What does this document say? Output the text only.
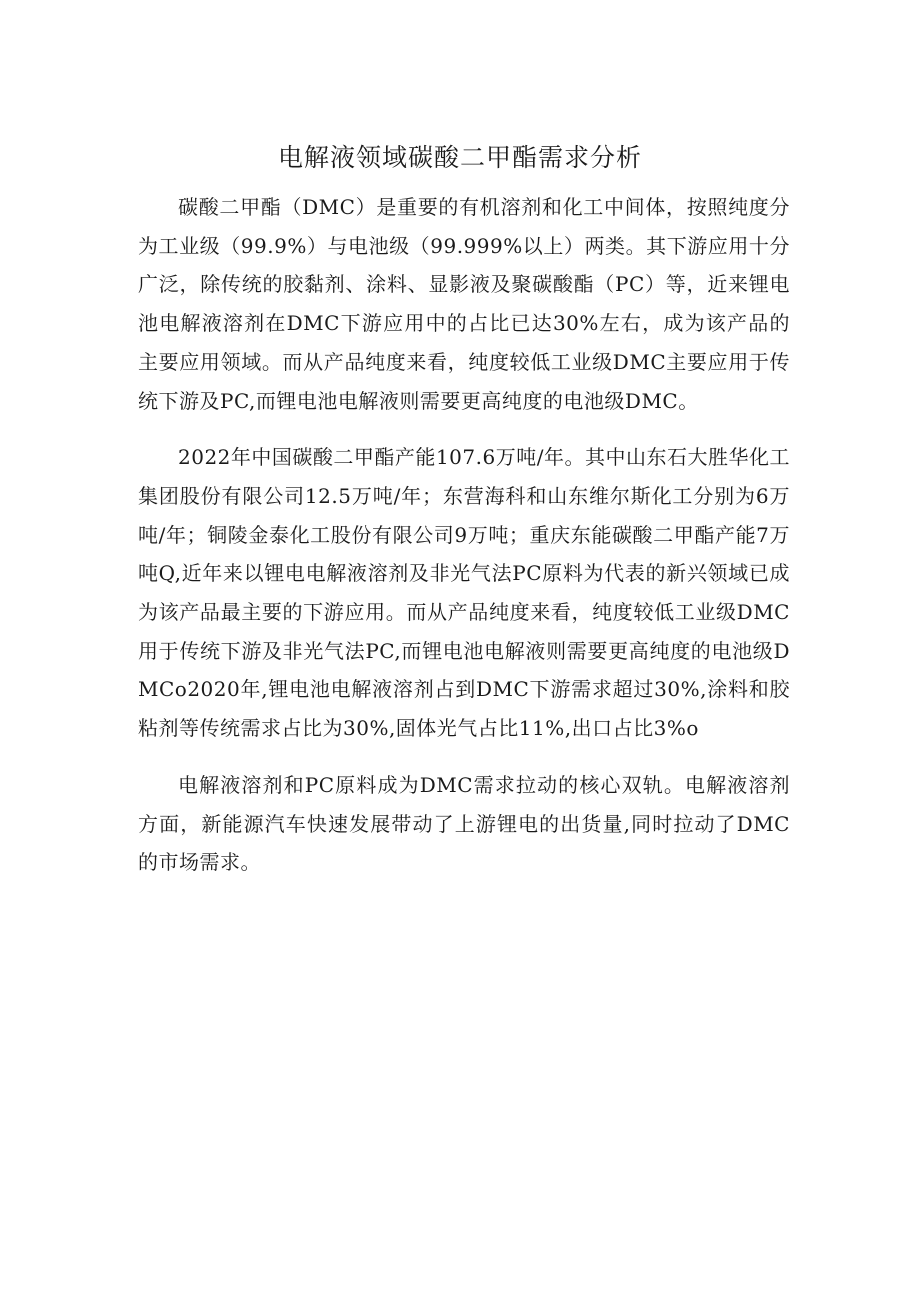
电解液领域碳酸二甲酯需求分析

碳酸二甲酯（DMC）是重要的有机溶剂和化工中间体，按照纯度分为工业级（99.9%）与电池级（99.999%以上）两类。其下游应用十分广泛，除传统的胶黏剂、涂料、显影液及聚碳酸酯（PC）等，近来锂电池电解液溶剂在DMC下游应用中的占比已达30%左右，成为该产品的主要应用领域。而从产品纯度来看，纯度较低工业级DMC主要应用于传统下游及PC,而锂电池电解液则需要更高纯度的电池级DMC。

2022年中国碳酸二甲酯产能107.6万吨/年。其中山东石大胜华化工集团股份有限公司12.5万吨/年；东营海科和山东维尔斯化工分别为6万吨/年；铜陵金泰化工股份有限公司9万吨；重庆东能碳酸二甲酯产能7万吨Q,近年来以锂电电解液溶剂及非光气法PC原料为代表的新兴领域已成为该产品最主要的下游应用。而从产品纯度来看，纯度较低工业级DMC用于传统下游及非光气法PC,而锂电池电解液则需要更高纯度的电池级DMCo2020年,锂电池电解液溶剂占到DMC下游需求超过30%,涂料和胶粘剂等传统需求占比为30%,固体光气占比11%,出口占比3%o

电解液溶剂和PC原料成为DMC需求拉动的核心双轨。电解液溶剂方面，新能源汽车快速发展带动了上游锂电的出货量,同时拉动了DMC的市场需求。
